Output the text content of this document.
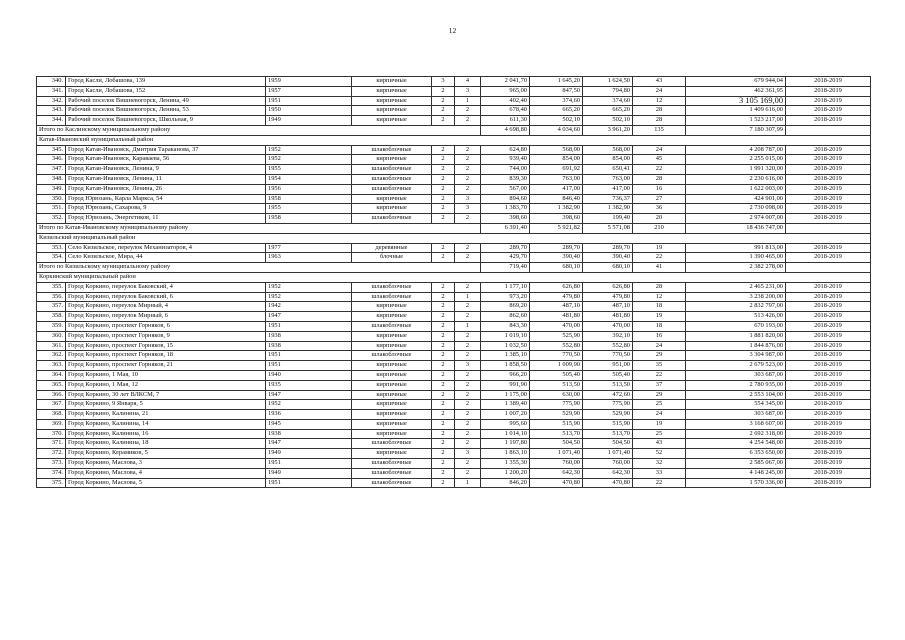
12
340.	Город Касли, Лобашова, 139	1959	кирпичные	3	4	2 041,70	1 645,20	1 624,50	43	679 944,04	2018-2019
341.	Город Касли, Лобашова, 152	1957	кирпичные	2	3	965,00	847,50	794,80	24	462 361,95	2018-2019
342.	Рабочий поселок Вишневогорск, Ленина, 49	1951	кирпичные	2	1	402,40	374,60	374,60	12	3 105 169,00	2018-2019
343.	Рабочий поселок Вишневогорск, Ленина, 53	1950	кирпичные	2	2	678,40	665,20	665,20	28	1 409 616,00	2018-2019
344.	Рабочий поселок Вишневогорск, Школьная, 9	1949	кирпичные	2	2	611,30	502,10	502,10	28	1 523 217,00	2018-2019
Итого по Каслинскому муниципальному району						4 698,80	4 034,60	3 961,20	135	7 180 307,99	
Катав-Ивановский муниципальный район											
345.	Город Катав-Ивановск, Дмитрия Тараканова, 37	1952	шлакоблочные	2	2	624,80	568,00	568,00	24	4 208 787,00	2018-2019
346.	Город Катав-Ивановск, Караваева, 56	1952	кирпичные	2	2	939,40	854,00	854,00	45	2 255 015,00	2018-2019
347.	Город Катав-Ивановск, Ленина, 9	1955	шлакоблочные	2	2	744,00	691,92	650,41	22	1 991 320,00	2018-2019
348.	Город Катав-Ивановск, Ленина, 11	1954	шлакоблочные	2	2	839,30	763,00	763,00	28	2 230 616,00	2018-2019
349.	Город Катав-Ивановск, Ленина, 26	1956	шлакоблочные	2	2	567,00	417,00	417,00	16	1 622 003,00	2018-2019
350.	Город Юрюзань, Карла Маркса, 54	1958	кирпичные	2	3	894,60	846,40	736,37	27	424 901,00	2018-2019
351.	Город Юрюзань, Сахарова, 9	1955	кирпичные	2	3	1 383,70	1 382,90	1 382,90	36	2 730 098,00	2018-2019
352.	Город Юрюзань, Энергетиков, 11	1958	шлакоблочные	2	2	398,60	398,60	199,40	20	2 974 007,00	2018-2019
Итого по Катав-Ивановскому муниципальному району						6 391,40	5 921,82	5 571,08	210	18 436 747,00	
Кизильский муниципальный район											
353.	Село Кизильское, переулок Механизаторов, 4	1977	деревянные	2	2	289,70	289,70	289,70	19	991 813,00	2018-2019
354.	Село Кизильское, Мира, 44	1963	блочные	2	2	429,70	390,40	390,40	22	1 390 465,00	2018-2019
Итого по Кизильскому муниципальному району						719,40	680,10	680,10	41	2 382 278,00	
Коркинский муниципальный район											
355.	Город Коркино, переулок Баковский, 4	1952	шлакоблочные	2	2	1 177,10	626,80	626,80	28	2 465 231,00	2018-2019
356.	Город Коркино, переулок Баковский, 6	1952	шлакоблочные	2	1	973,20	479,80	479,80	12	3 238 200,00	2018-2019
357.	Город Коркино, переулок Мирный, 4	1942	кирпичные	2	2	869,20	487,10	487,10	18	2 832 797,00	2018-2019
358.	Город Коркино, переулок Мирный, 6	1947	кирпичные	2	2	862,60	481,80	481,80	19	513 426,00	2018-2019
359.	Город Коркино, проспект Горняков, 6	1951	шлакоблочные	2	1	843,30	470,00	470,00	18	670 193,00	2018-2019
360.	Город Коркино, проспект Горняков, 9	1938	кирпичные	2	2	1 019,10	525,90	392,10	16	1 881 820,00	2018-2019
361.	Город Коркино, проспект Горняков, 15	1938	кирпичные	2	2	1 032,50	552,80	552,80	24	1 844 876,00	2018-2019
362.	Город Коркино, проспект Горняков, 18	1951	шлакоблочные	2	2	1 385,10	770,50	770,50	29	3 304 987,00	2018-2019
363.	Город Коркино, проспект Горняков, 21	1951	кирпичные	2	3	1 858,50	1 009,90	951,00	35	2 679 523,00	2018-2019
364.	Город Коркино, 1 Мая, 10	1940	кирпичные	2	2	966,20	505,40	505,40	22	303 687,00	2018-2019
365.	Город Коркино, 1 Мая, 12	1935	кирпичные	2	2	991,90	513,50	513,50	37	2 780 935,00	2018-2019
366.	Город Коркино, 30 лет ВЛКСМ, 7	1947	кирпичные	2	2	1 175,00	630,00	472,60	29	2 553 104,00	2018-2019
367.	Город Коркино, 9 Января, 5	1952	кирпичные	2	2	1 389,40	775,90	775,90	25	554 345,00	2018-2019
368.	Город Коркино, Калинина, 21	1936	кирпичные	2	2	1 007,20	529,90	529,90	24	303 687,00	2018-2019
369.	Город Коркино, Калинина, 14	1945	кирпичные	2	2	995,60	515,90	515,90	19	3 168 607,00	2018-2019
370.	Город Коркино, Калинина, 16	1938	кирпичные	2	2	1 014,10	513,70	513,70	25	2 692 318,00	2018-2019
371.	Город Коркино, Калинина, 18	1947	шлакоблочные	2	2	1 197,80	504,50	504,50	43	4 254 548,00	2018-2019
372.	Город Коркино, Керамиков, 5	1949	кирпичные	2	3	1 863,10	1 071,40	1 071,40	52	6 353 650,00	2018-2019
373.	Город Коркино, Маслова, 3	1951	шлакоблочные	2	2	1 355,30	760,00	760,00	32	2 585 067,00	2018-2019
374.	Город Коркино, Маслова, 4	1949	шлакоблочные	2	2	1 200,20	642,30	642,30	33	4 148 245,00	2018-2019
375.	Город Коркино, Маслова, 5	1951	шлакоблочные	2	1	846,20	470,80	470,80	22	1 570 336,00	2018-2019
